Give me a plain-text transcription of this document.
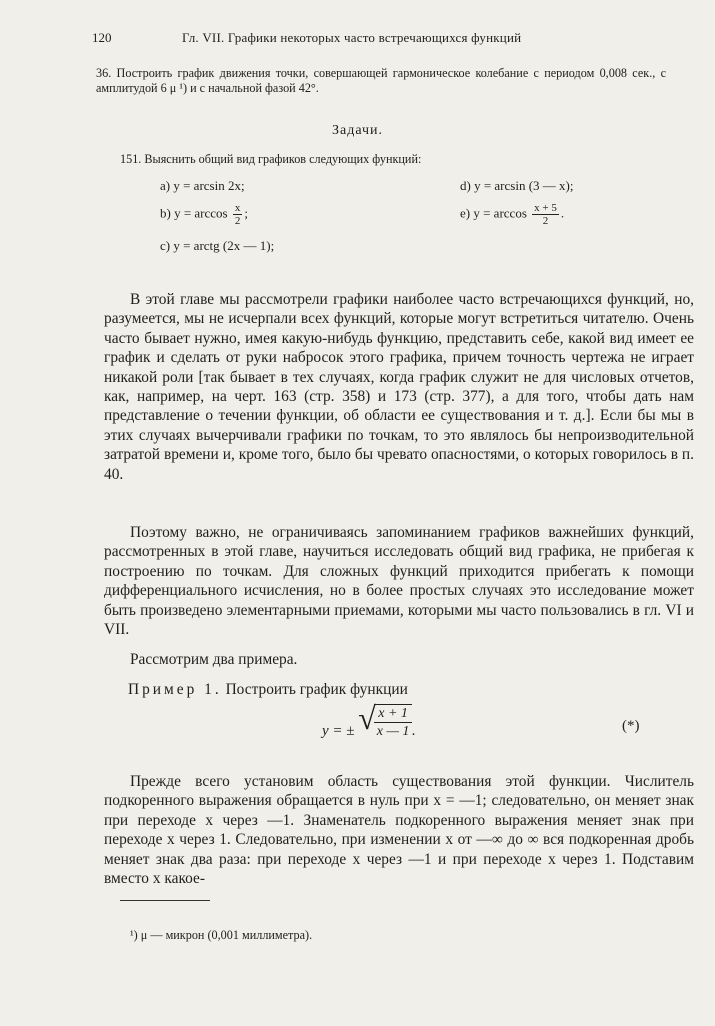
120	Гл. VII. Графики некоторых часто встречающихся функций
36. Построить график движения точки, совершающей гармоническое колебание с периодом 0,008 сек., с амплитудой 6 μ ¹) и с начальной фазой 42°.
Задачи.
151. Выяснить общий вид графиков следующих функций:
a) y = arcsin 2x;	d) y = arcsin (3 — x);
b) $y = \arccos \frac{x}{2}$ ;	e) $y = \arccos \frac{x + 5}{2}$ .
c) y = arctg (2x — 1);
В этой главе мы рассмотрели графики наиболее часто встречающихся функций, но, разумеется, мы не исчерпали всех функций, которые могут встретиться читателю. Очень часто бывает нужно, имея какую-нибудь функцию, представить себе, какой вид имеет ее график и сделать от руки набросок этого графика, причем точность чертежа не играет никакой роли [так бывает в тех случаях, когда график служит не для числовых отчетов, как, например, на черт. 163 (стр. 358) и 173 (стр. 377), а для того, чтобы дать нам представление о течении функции, об области ее существования и т. д.]. Если бы мы в этих случаях вычерчивали графики по точкам, то это являлось бы непроизводительной затратой времени и, кроме того, было бы чревато опасностями, о которых говорилось в п. 40.
Поэтому важно, не ограничиваясь запоминанием графиков важнейших функций, рассмотренных в этой главе, научиться исследовать общий вид графика, не прибегая к построению по точкам. Для сложных функций приходится прибегать к помощи дифференциального исчисления, но в более простых случаях это исследование может быть произведено элементарными приемами, которыми мы часто пользовались в гл. VI и VII.
Рассмотрим два примера.
Пример 1. Построить график функции
y = ± √
$\frac{x + 1}{x — 1}$.	(*)
Прежде всего установим область существования этой функции. Числитель подкоренного выражения обращается в нуль при x = —1; следовательно, он меняет знак при переходе x через —1. Знаменатель подкоренного выражения меняет знак при переходе x через 1. Следовательно, при изменении x от —∞ до ∞ вся подкоренная дробь меняет знак два раза: при переходе x через —1 и при переходе x через 1. Подставим вместо x какое-
¹) μ — микрон (0,001 миллиметра).
